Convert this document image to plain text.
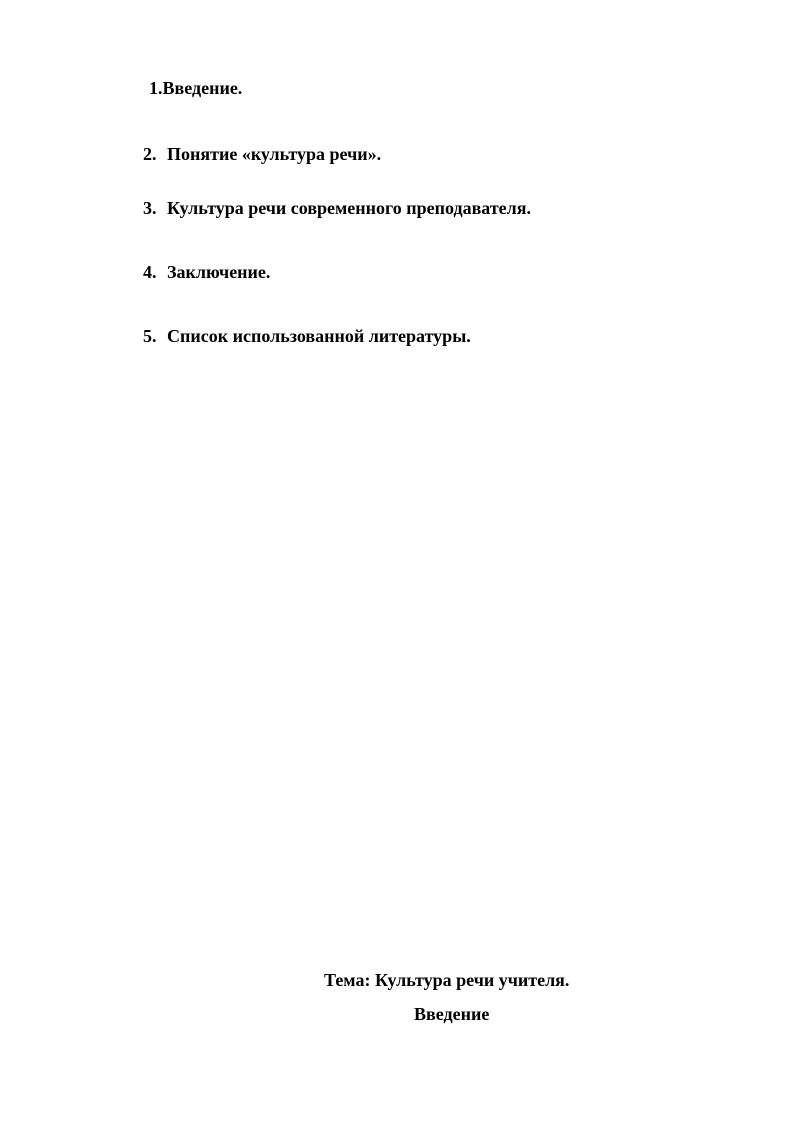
1.Введение.
2. Понятие «культура речи».
3. Культура речи современного преподавателя.
4. Заключение.
5. Список использованной литературы.
Тема: Культура речи учителя.
Введение
